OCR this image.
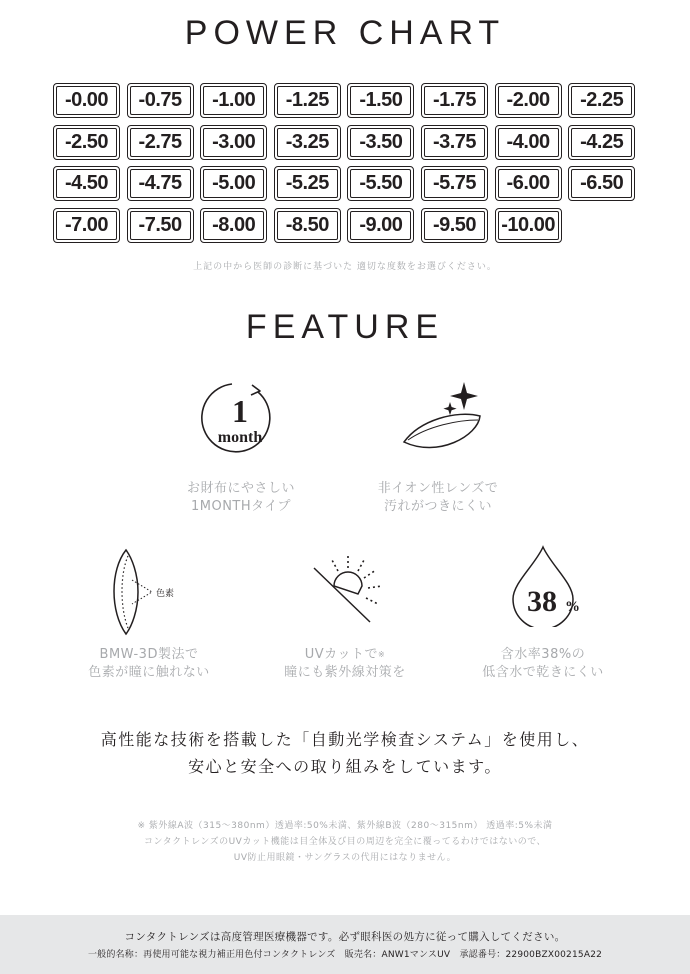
POWER CHART
-0.00	-0.75	-1.00	-1.25	-1.50	-1.75	-2.00	-2.25
-2.50	-2.75	-3.00	-3.25	-3.50	-3.75	-4.00	-4.25
-4.50	-4.75	-5.00	-5.25	-5.50	-5.75	-6.00	-6.50
-7.00	-7.50	-8.00	-8.50	-9.00	-9.50	-10.00
上記の中から医師の診断に基づいた 適切な度数をお選びください。
FEATURE
1
month
お財布にやさしい
1MONTHタイプ
非イオン性レンズで
汚れがつきにくい
色素
BMW-3D製法で
色素が瞳に触れない
UVカットで※
瞳にも紫外線対策を
38 %
含水率38%の
低含水で乾きにくい
高性能な技術を搭載した「自動光学検査システム」を使用し、
安心と安全への取り組みをしています。
※ 紫外線A波（315〜380nm）透過率:50%未満、紫外線B波（280〜315nm） 透過率:5%未満
コンタクトレンズのUVカット機能は目全体及び目の周辺を完全に覆ってるわけではないので、
UV防止用眼鏡・サングラスの代用にはなりません。
コンタクトレンズは高度管理医療機器です。必ず眼科医の処方に従って購入してください。
一般的名称：再使用可能な視力補正用色付コンタクトレンズ　販売名：ANW1マンスUV　承認番号：22900BZX00215A22
